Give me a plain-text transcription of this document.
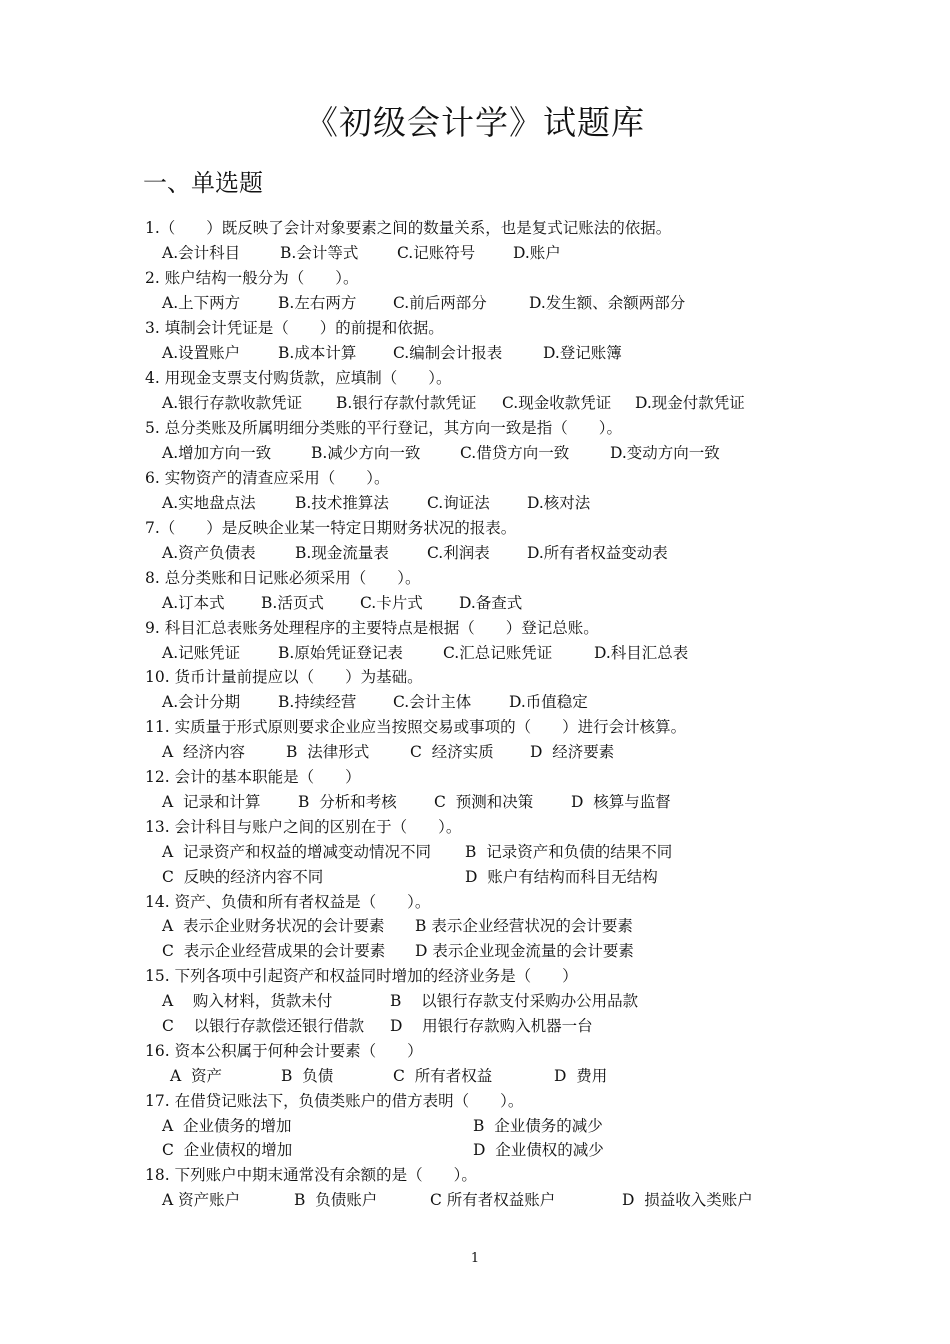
《初级会计学》试题库
一、单选题
1.（　　）既反映了会计对象要素之间的数量关系，也是复式记账法的依据。
A.会计科目	B.会计等式 C.记账符号 D.账户
2. 账户结构一般分为（　　）。
A.上下两方 B.左右两方 C.前后两部分	D.发生额、余额两部分
3. 填制会计凭证是（　　）的前提和依据。
A.设置账户 B.成本计算 C.编制会计报表	D.登记账簿
4. 用现金支票支付购货款，应填制（　　）。
A.银行存款收款凭证 B.银行存款付款凭证 C.现金收款凭证 D.现金付款凭证
5. 总分类账及所属明细分类账的平行登记，其方向一致是指（　　）。
A.增加方向一致	B.减少方向一致	C.借贷方向一致	D.变动方向一致
6. 实物资产的清查应采用（　　）。
A.实地盘点法	B.技术推算法 C.询证法 D.核对法
7.（　　）是反映企业某一特定日期财务状况的报表。
A.资产负债表	B.现金流量表 C.利润表 D.所有者权益变动表
8. 总分类账和日记账必须采用（　　）。
A.订本式 B.活页式 C.卡片式 D.备查式
9. 科目汇总表账务处理程序的主要特点是根据（　　）登记总账。
A.记账凭证 B.原始凭证登记表	C.汇总记账凭证	D.科目汇总表
10. 货币计量前提应以（　　）为基础。
A.会计分期 B.持续经营 C.会计主体 D.币值稳定
11. 实质量于形式原则要求企业应当按照交易或事项的（　　）进行会计核算。
A  经济内容	B  法律形式	C  经济实质 D  经济要素
12. 会计的基本职能是（　　）
A  记录和计算 B  分析和考核 C  预测和决策 D  核算与监督
13. 会计科目与账户之间的区别在于（　　）。
A  记录资产和权益的增减变动情况不同 B  记录资产和负债的结果不同
C  反映的经济内容不同	D  账户有结构而科目无结构
14. 资产、负债和所有者权益是（　　）。
A  表示企业财务状况的会计要素 B 表示企业经营状况的会计要素
C  表示企业经营成果的会计要素 D 表示企业现金流量的会计要素
15. 下列各项中引起资产和权益同时增加的经济业务是（　　）
A    购入材料，货款未付	B    以银行存款支付采购办公用品款
C    以银行存款偿还银行借款 D    用银行存款购入机器一台
16. 资本公积属于何种会计要素（　　）
A  资产	B  负债	C  所有者权益	D  费用
17. 在借贷记账法下，负债类账户的借方表明（　　）。
A  企业债务的增加	B  企业债务的减少
C  企业债权的增加	D  企业债权的减少
18. 下列账户中期末通常没有余额的是（　　）。
A 资产账户	B  负债账户	C 所有者权益账户	D  损益收入类账户
1
